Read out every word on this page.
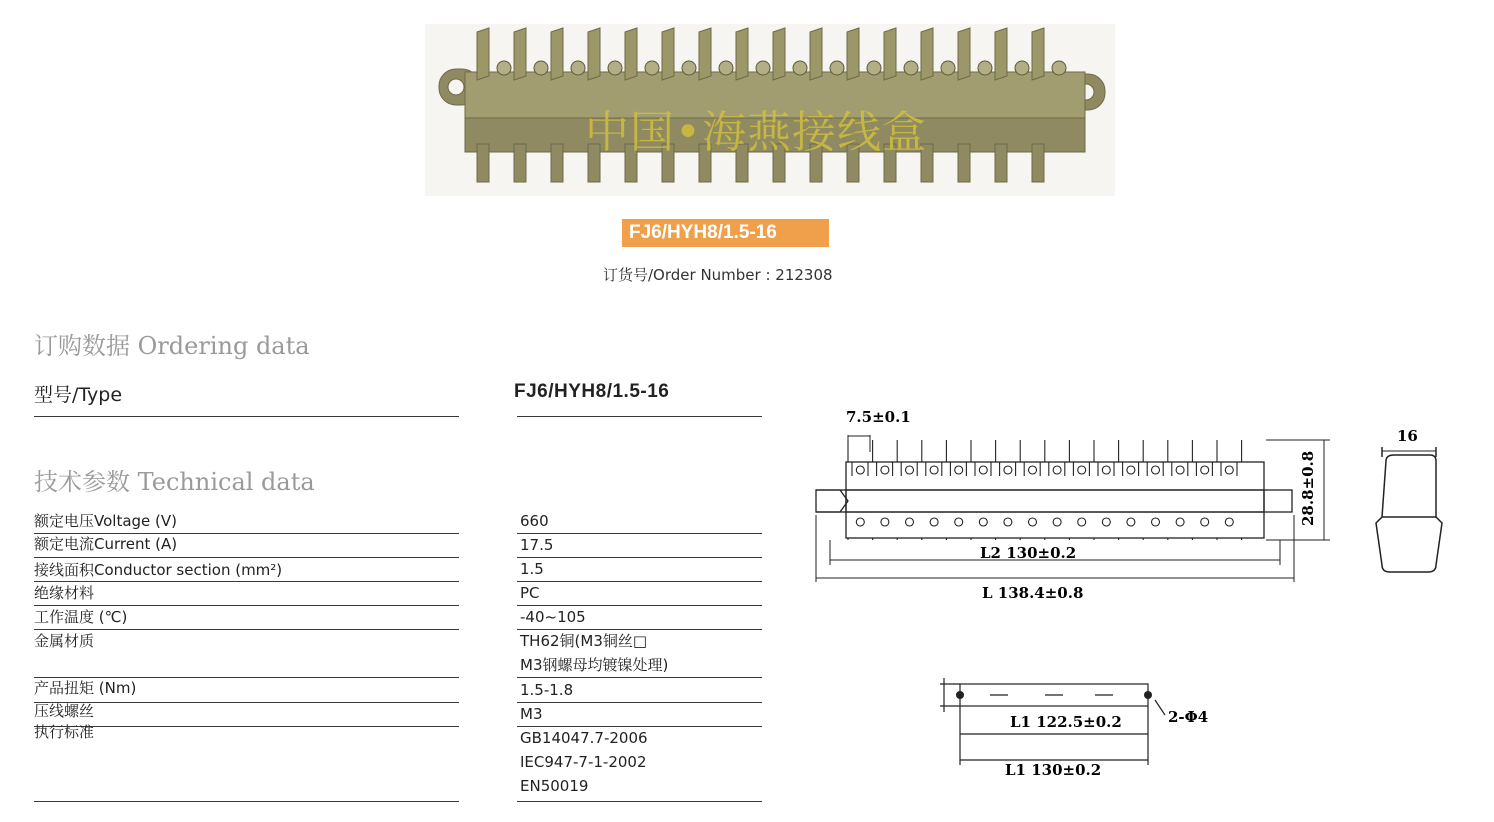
中国•海燕接线盒
FJ6/HYH8/1.5-16
订货号/Order Number : 212308
订购数据 Ordering data
型号/Type	FJ6/HYH8/1.5-16
技术参数 Technical data
额定电压Voltage (V)	660
额定电流Current (A)	17.5
接线面积Conductor section (mm²)	1.5
绝缘材料	PC
工作温度 (℃)	-40~105
金属材质	TH62铜(M3铜丝□
M3钢螺母均镀镍处理)
产品扭矩 (Nm)	1.5-1.8
压线螺丝	M3
执行标准	GB14047.7-2006
IEC947-7-1-2002
EN50019
7.5±0.1
28.8±0.8
L2 130±0.2
L 138.4±0.8
16
L1 122.5±0.2
L1 130±0.2
2-Φ4
